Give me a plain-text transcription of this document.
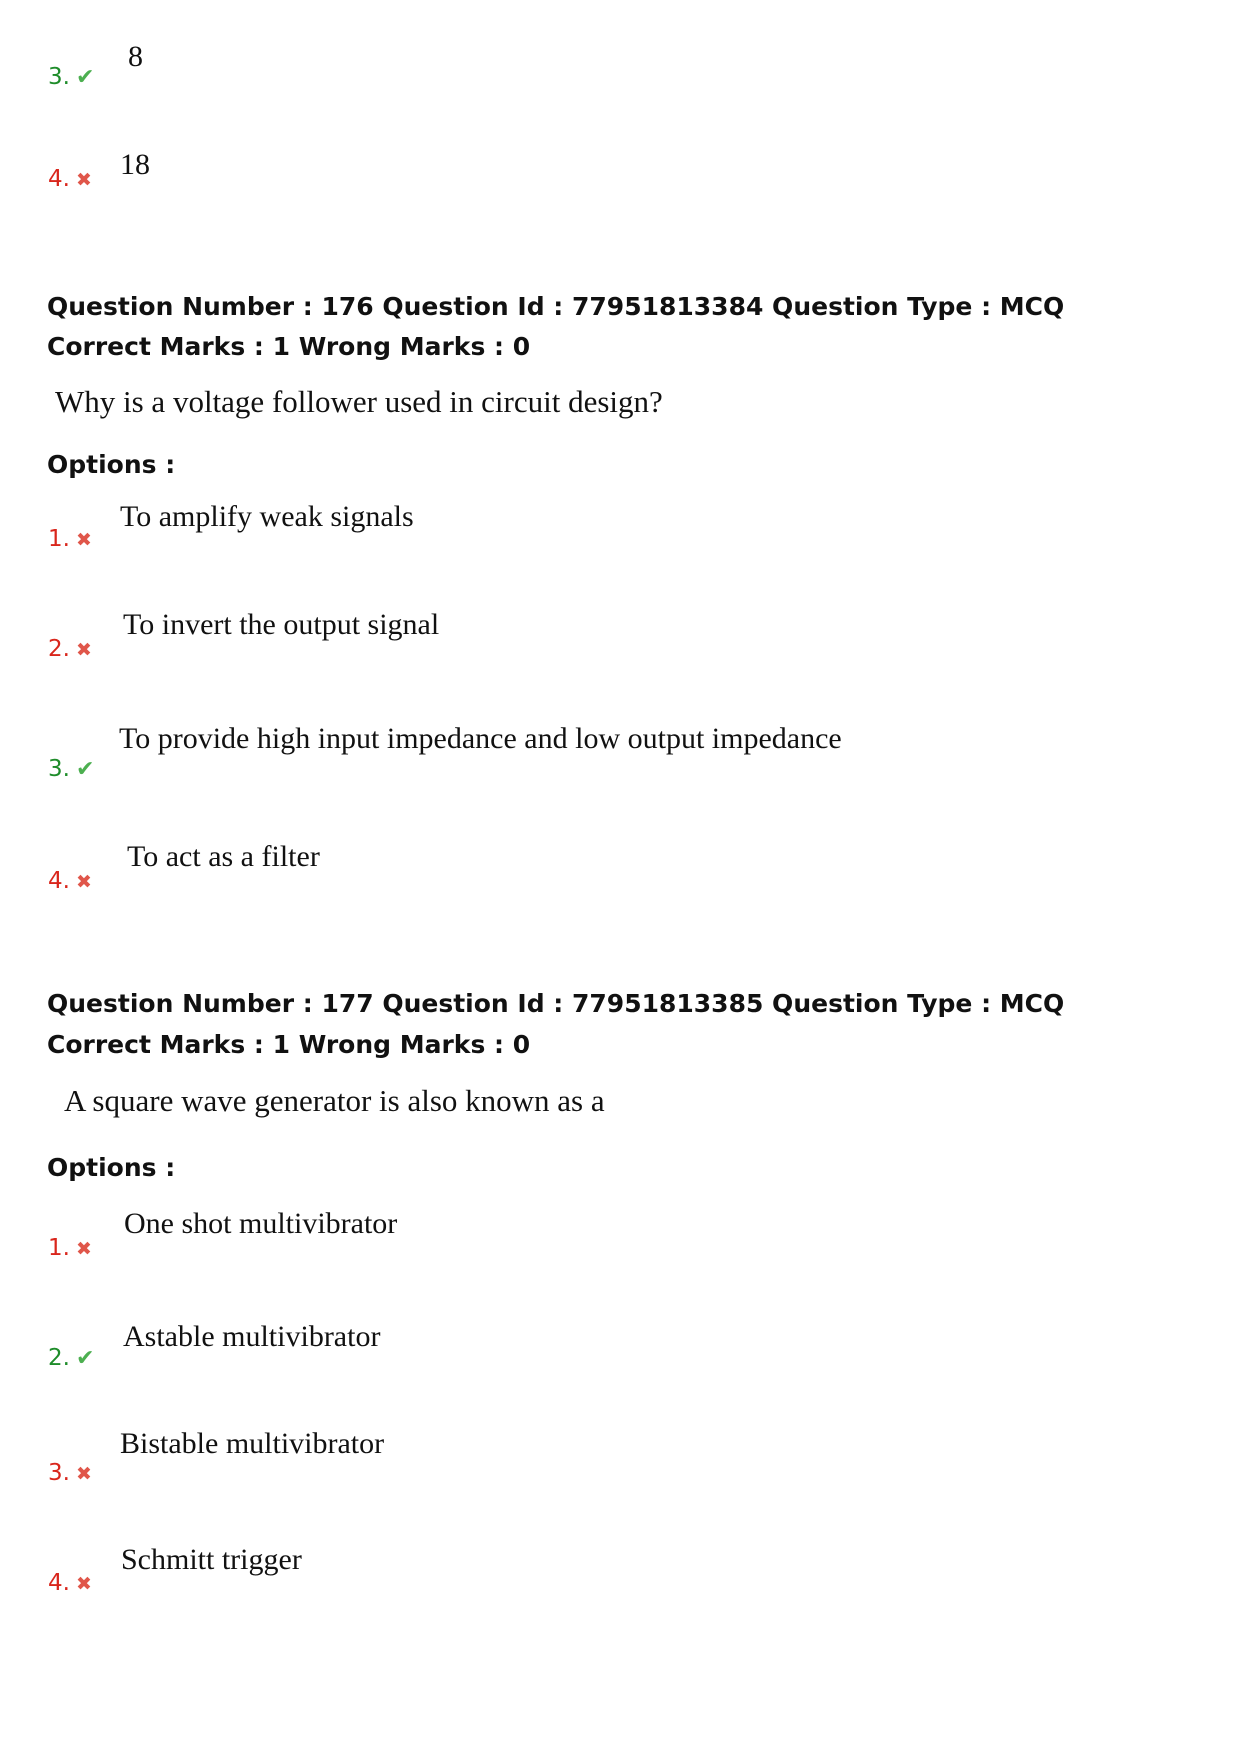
3. ✔
8
4. ✖ 18
Question Number : 176 Question Id : 77951813384 Question Type : MCQ
Correct Marks : 1 Wrong Marks : 0
Why is a voltage follower used in circuit design?
Options :
1. ✖
To amplify weak signals
2. ✖
To invert the output signal
3. ✔
To provide high input impedance and low output impedance
4. ✖
To act as a filter
Question Number : 177 Question Id : 77951813385 Question Type : MCQ
Correct Marks : 1 Wrong Marks : 0
A square wave generator is also known as a
Options :
1. ✖
One shot multivibrator
2. ✔
Astable multivibrator
3. ✖
Bistable multivibrator
4. ✖
Schmitt trigger
